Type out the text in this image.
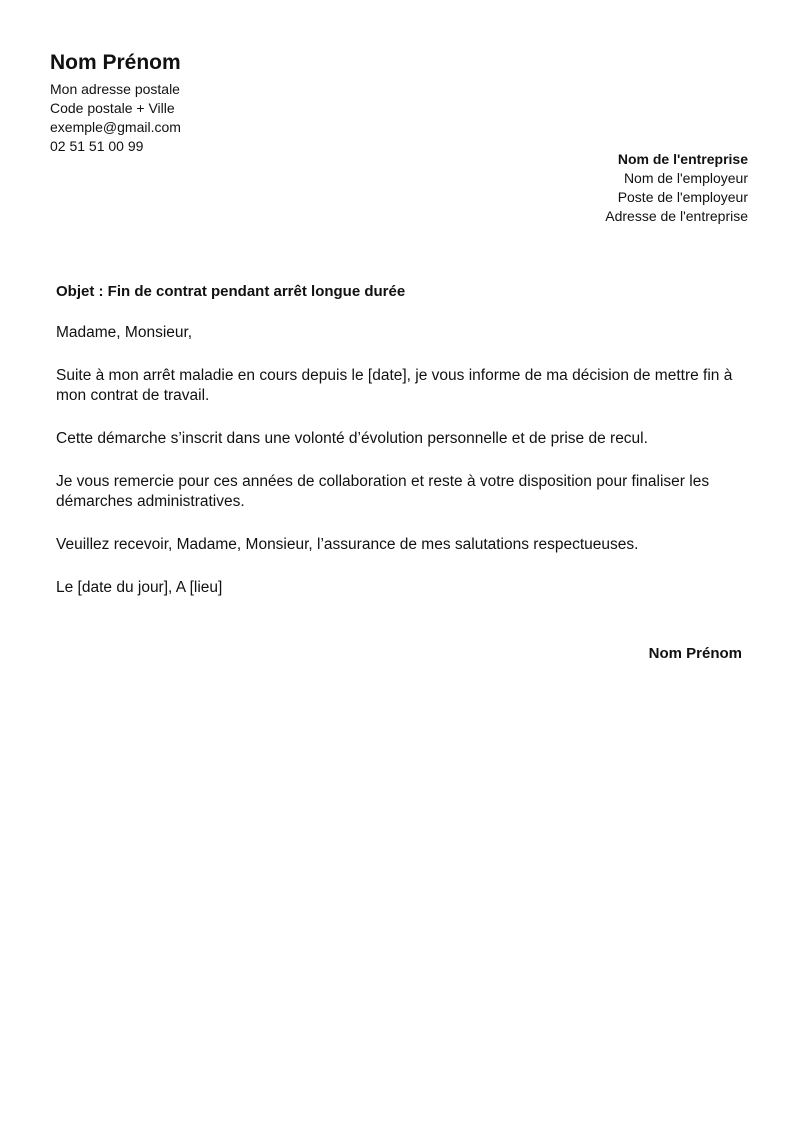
Nom Prénom
Mon adresse postale
Code postale + Ville
exemple@gmail.com
02 51 51 00 99
Nom de l'entreprise
Nom de l'employeur
Poste de l'employeur
Adresse de l'entreprise
Objet : Fin de contrat pendant arrêt longue durée

Madame, Monsieur,

Suite à mon arrêt maladie en cours depuis le [date], je vous informe de ma décision de mettre fin à mon contrat de travail.

Cette démarche s’inscrit dans une volonté d’évolution personnelle et de prise de recul.

Je vous remercie pour ces années de collaboration et reste à votre disposition pour finaliser les démarches administratives.

Veuillez recevoir, Madame, Monsieur, l’assurance de mes salutations respectueuses.

Le [date du jour], A [lieu]

Nom Prénom
